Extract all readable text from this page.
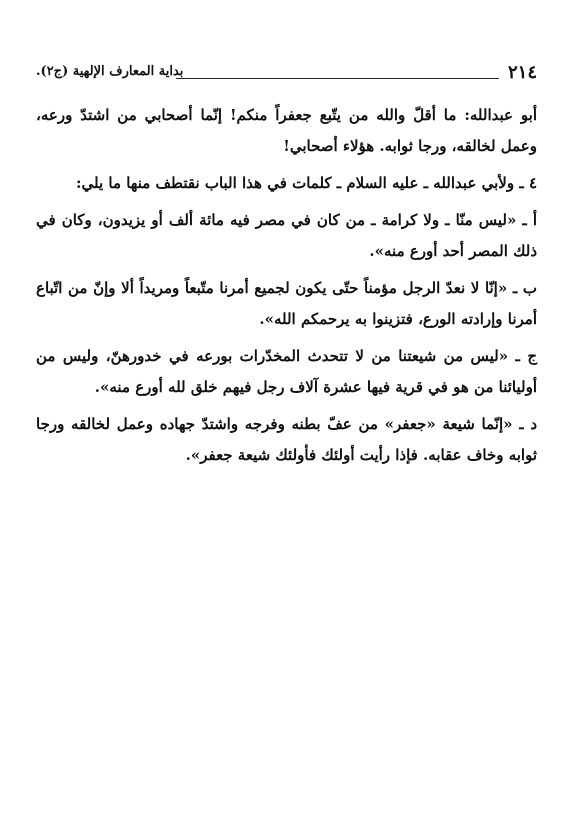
٢١٤
بداية المعارف الإلهية (ج٢).

أبو عبدالله: ما أقلّ والله من يتّبع جعفراً منكم! إنّما أصحابي من اشتدّ ورعه، وعمل لخالقه، ورجا ثوابه. هؤلاء أصحابي!

٤ ـ ولأبي عبدالله ـ عليه السلام ـ كلمات في هذا الباب نقتطف منها ما يلي:

أ ـ «ليس منّا ـ ولا كرامة ـ من كان في مصر فيه مائة ألف أو يزيدون، وكان في ذلك المصر أحد أورع منه».

ب ـ «إنّا لا نعدّ الرجل مؤمناً حتّى يكون لجميع أمرنا متّبعاً ومريداً ألا وإنّ من اتّباع أمرنا وإرادته الورع، فتزينوا به يرحمكم الله».

ج ـ «ليس من شيعتنا من لا تتحدث المخدّرات بورعه في خدورهنّ، وليس من أوليائنا من هو في قرية فيها عشرة آلاف رجل فيهم خلق لله أورع منه».

د ـ «إنّما شيعة «جعفر» من عفّ بطنه وفرجه واشتدّ جهاده وعمل لخالقه ورجا ثوابه وخاف عقابه. فإذا رأيت أولئك فأولئك شيعة جعفر».
